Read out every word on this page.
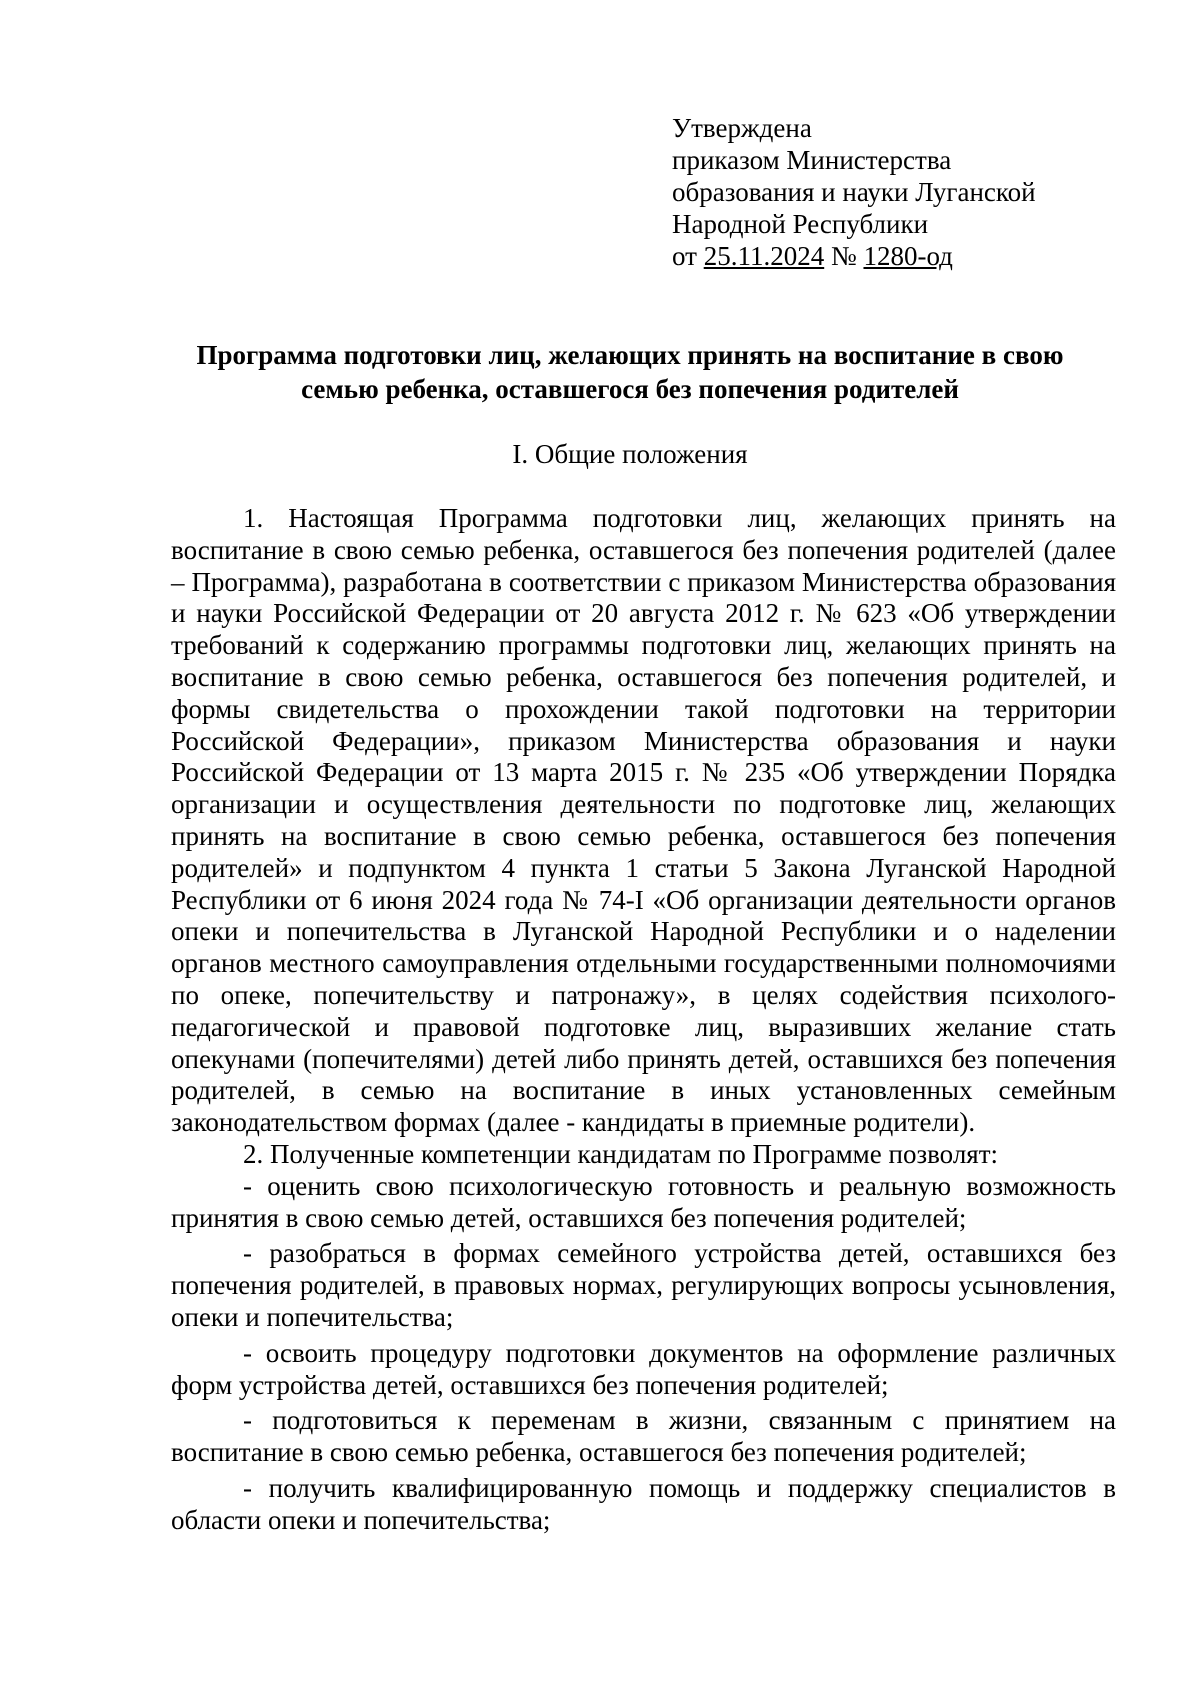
Утверждена
приказом Министерства
образования и науки Луганской
Народной Республики
от 25.11.2024 № 1280-од
Программа подготовки лиц, желающих принять на воспитание в свою
семью ребенка, оставшегося без попечения родителей
I. Общие положения

1. Настоящая Программа подготовки лиц, желающих принять на воспитание в свою семью ребенка, оставшегося без попечения родителей (далее – Программа), разработана в соответствии с приказом Министерства образования и науки Российской Федерации от 20 августа 2012 г. № 623 «Об утверждении требований к содержанию программы подготовки лиц, желающих принять на воспитание в свою семью ребенка, оставшегося без попечения родителей, и формы свидетельства о прохождении такой подготовки на территории Российской Федерации», приказом Министерства образования и науки Российской Федерации от 13 марта 2015 г. № 235 «Об утверждении Порядка организации и осуществления деятельности по подготовке лиц, желающих принять на воспитание в свою семью ребенка, оставшегося без попечения родителей» и подпунктом 4 пункта 1 статьи 5 Закона Луганской Народной Республики от 6 июня 2024 года № 74-I «Об организации деятельности органов опеки и попечительства в Луганской Народной Республики и о наделении органов местного самоуправления отдельными государственными полномочиями по опеке, попечительству и патронажу», в целях содействия психолого-педагогической и правовой подготовке лиц, выразивших желание стать опекунами (попечителями) детей либо принять детей, оставшихся без попечения родителей, в семью на воспитание в иных установленных семейным законодательством формах (далее - кандидаты в приемные родители).

2. Полученные компетенции кандидатам по Программе позволят:

- оценить свою психологическую готовность и реальную возможность принятия в свою семью детей, оставшихся без попечения родителей;

- разобраться в формах семейного устройства детей, оставшихся без попечения родителей, в правовых нормах, регулирующих вопросы усыновления, опеки и попечительства;

- освоить процедуру подготовки документов на оформление различных форм устройства детей, оставшихся без попечения родителей;

- подготовиться к переменам в жизни, связанным с принятием на воспитание в свою семью ребенка, оставшегося без попечения родителей;

- получить квалифицированную помощь и поддержку специалистов в области опеки и попечительства;
